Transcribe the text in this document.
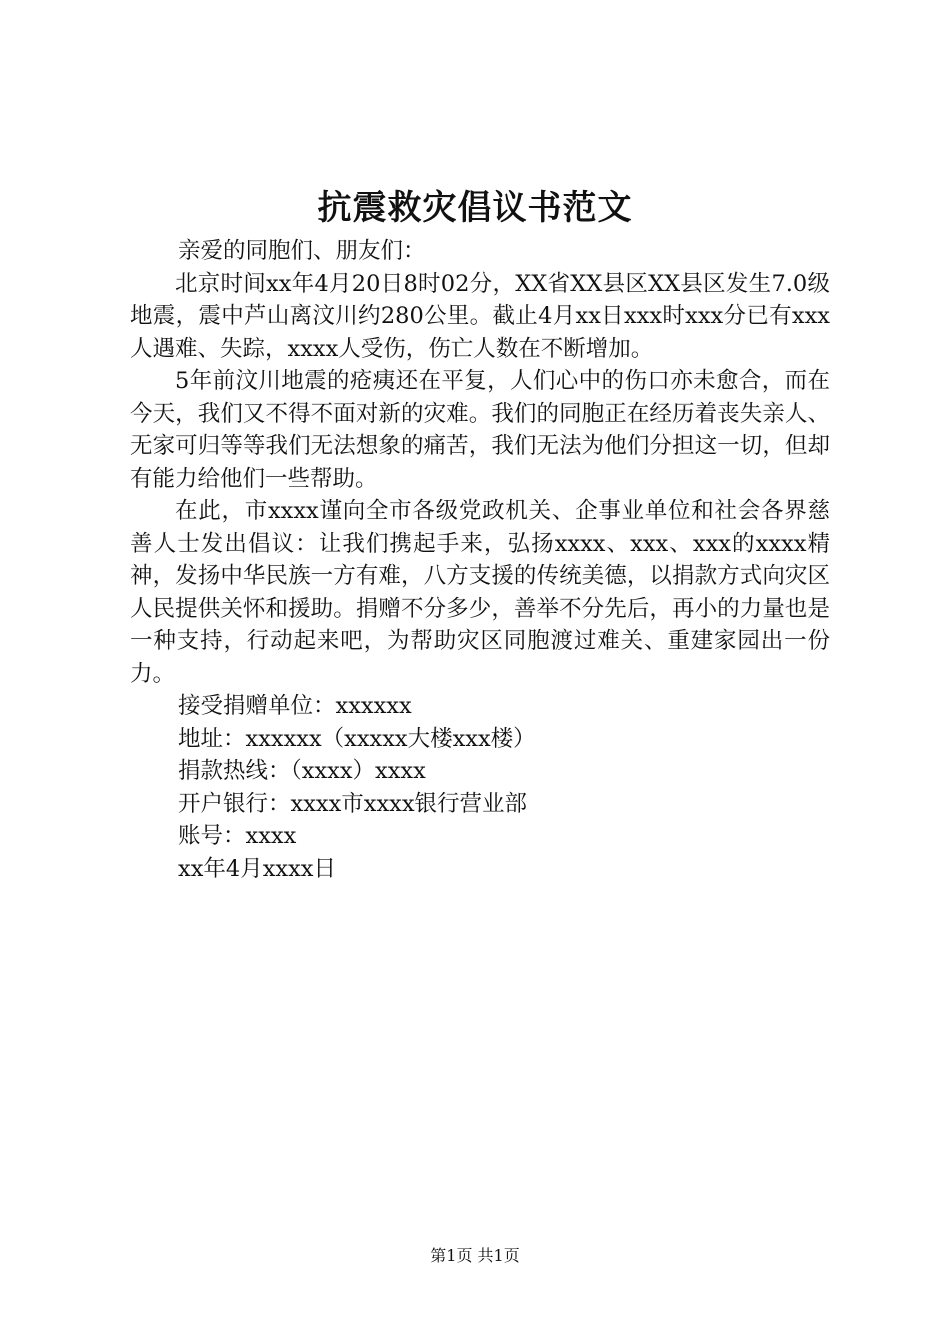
抗震救灾倡议书范文
亲爱的同胞们、朋友们：

北京时间xx年4月20日8时02分，XX省XX县区XX县区发生7.0级地震，震中芦山离汶川约280公里。截止4月xx日xxx时xxx分已有xxx人遇难、失踪，xxxx人受伤，伤亡人数在不断增加。

5年前汶川地震的疮痍还在平复，人们心中的伤口亦未愈合，而在今天，我们又不得不面对新的灾难。我们的同胞正在经历着丧失亲人、无家可归等等我们无法想象的痛苦，我们无法为他们分担这一切，但却有能力给他们一些帮助。

在此，市xxxx谨向全市各级党政机关、企事业单位和社会各界慈善人士发出倡议：让我们携起手来，弘扬xxxx、xxx、xxx的xxxx精神，发扬中华民族一方有难，八方支援的传统美德，以捐款方式向灾区人民提供关怀和援助。捐赠不分多少，善举不分先后，再小的力量也是一种支持，行动起来吧，为帮助灾区同胞渡过难关、重建家园出一份力。

接受捐赠单位：xxxxxx
地址：xxxxxx（xxxxx大楼xxx楼）
捐款热线：（xxxx）xxxx
开户银行：xxxx市xxxx银行营业部
账号：xxxx
xx年4月xxxx日
第1页 共1页
